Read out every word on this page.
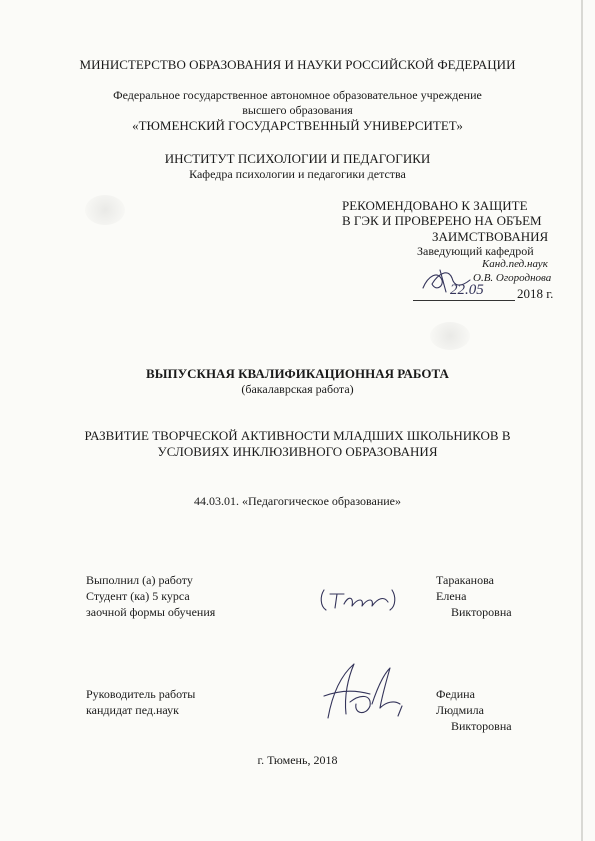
МИНИСТЕРСТВО ОБРАЗОВАНИЯ И НАУКИ РОССИЙСКОЙ ФЕДЕРАЦИИ
Федеральное государственное автономное образовательное учреждение
высшего образования
«ТЮМЕНСКИЙ ГОСУДАРСТВЕННЫЙ УНИВЕРСИТЕТ»
ИНСТИТУТ ПСИХОЛОГИИ И ПЕДАГОГИКИ
Кафедра психологии и педагогики детства
РЕКОМЕНДОВАНО К ЗАЩИТЕ
В ГЭК И ПРОВЕРЕНО НА ОБЪЕМ
ЗАИМСТВОВАНИЯ
Заведующий кафедрой
Канд.пед.наук
О.В. Огороднова
22.05	2018 г.
ВЫПУСКНАЯ КВАЛИФИКАЦИОННАЯ РАБОТА
(бакалаврская работа)
РАЗВИТИЕ ТВОРЧЕСКОЙ АКТИВНОСТИ МЛАДШИХ ШКОЛЬНИКОВ В
УСЛОВИЯХ ИНКЛЮЗИВНОГО ОБРАЗОВАНИЯ
44.03.01. «Педагогическое образование»
Выполнил (а) работу
Студент (ка) 5 курса
заочной формы обучения
Тараканова
Елена
Викторовна
Руководитель работы
кандидат пед.наук
Федина
Людмила
Викторовна
г. Тюмень, 2018
